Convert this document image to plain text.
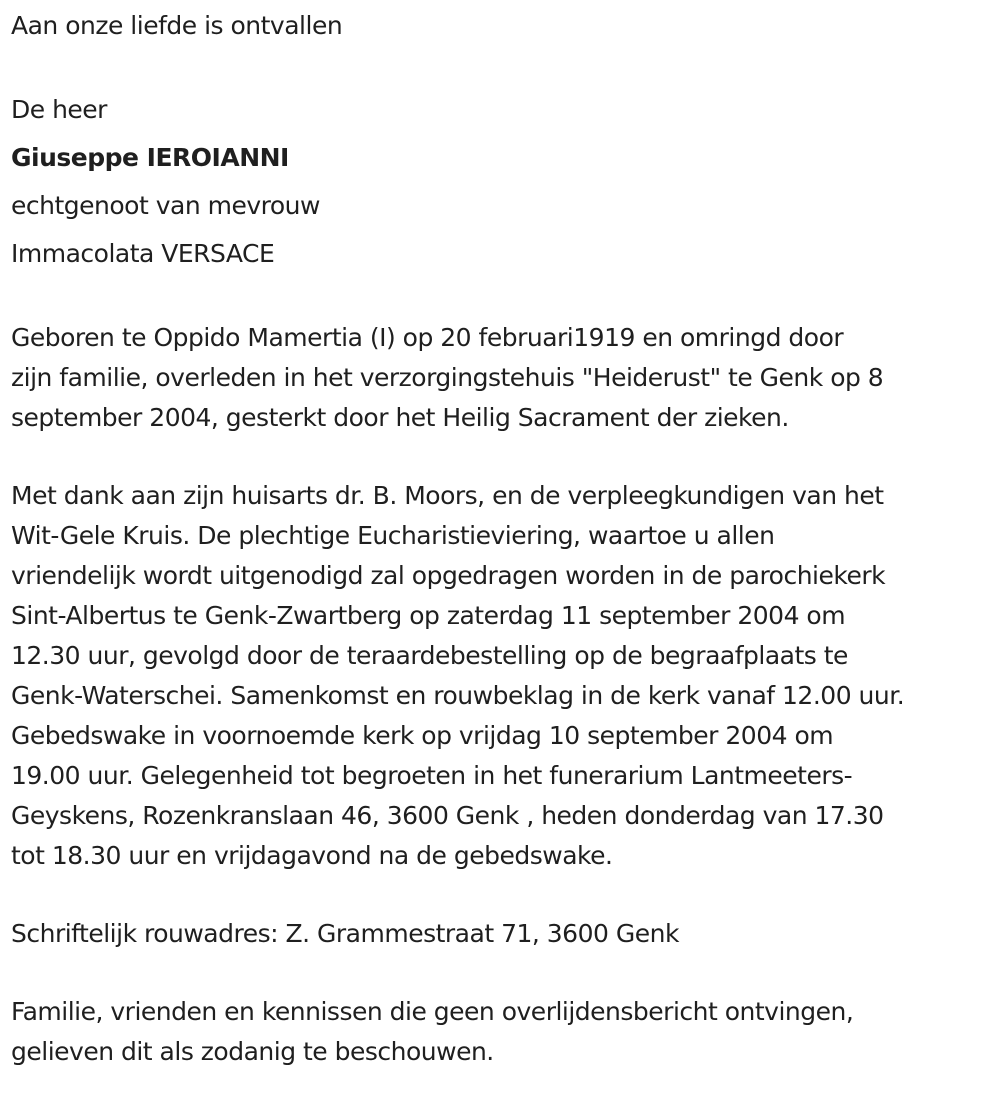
Aan onze liefde is ontvallen

De heer

Giuseppe IEROIANNI

echtgenoot van mevrouw

Immacolata VERSACE

Geboren te Oppido Mamertia (I) op 20 februari1919 en omringd door

zijn familie, overleden in het verzorgingstehuis "Heiderust" te Genk op 8

september 2004, gesterkt door het Heilig Sacrament der zieken.

Met dank aan zijn huisarts dr. B. Moors, en de verpleegkundigen van het

Wit-Gele Kruis. De plechtige Eucharistieviering, waartoe u allen

vriendelijk wordt uitgenodigd zal opgedragen worden in de parochiekerk

Sint-Albertus te Genk-Zwartberg op zaterdag 11 september 2004 om

12.30 uur, gevolgd door de teraardebestelling op de begraafplaats te

Genk-Waterschei. Samenkomst en rouwbeklag in de kerk vanaf 12.00 uur.

Gebedswake in voornoemde kerk op vrijdag 10 september 2004 om

19.00 uur. Gelegenheid tot begroeten in het funerarium Lantmeeters-

Geyskens, Rozenkranslaan 46, 3600 Genk , heden donderdag van 17.30

tot 18.30 uur en vrijdagavond na de gebedswake.

Schriftelijk rouwadres: Z. Grammestraat 71, 3600 Genk

Familie, vrienden en kennissen die geen overlijdensbericht ontvingen,

gelieven dit als zodanig te beschouwen.
